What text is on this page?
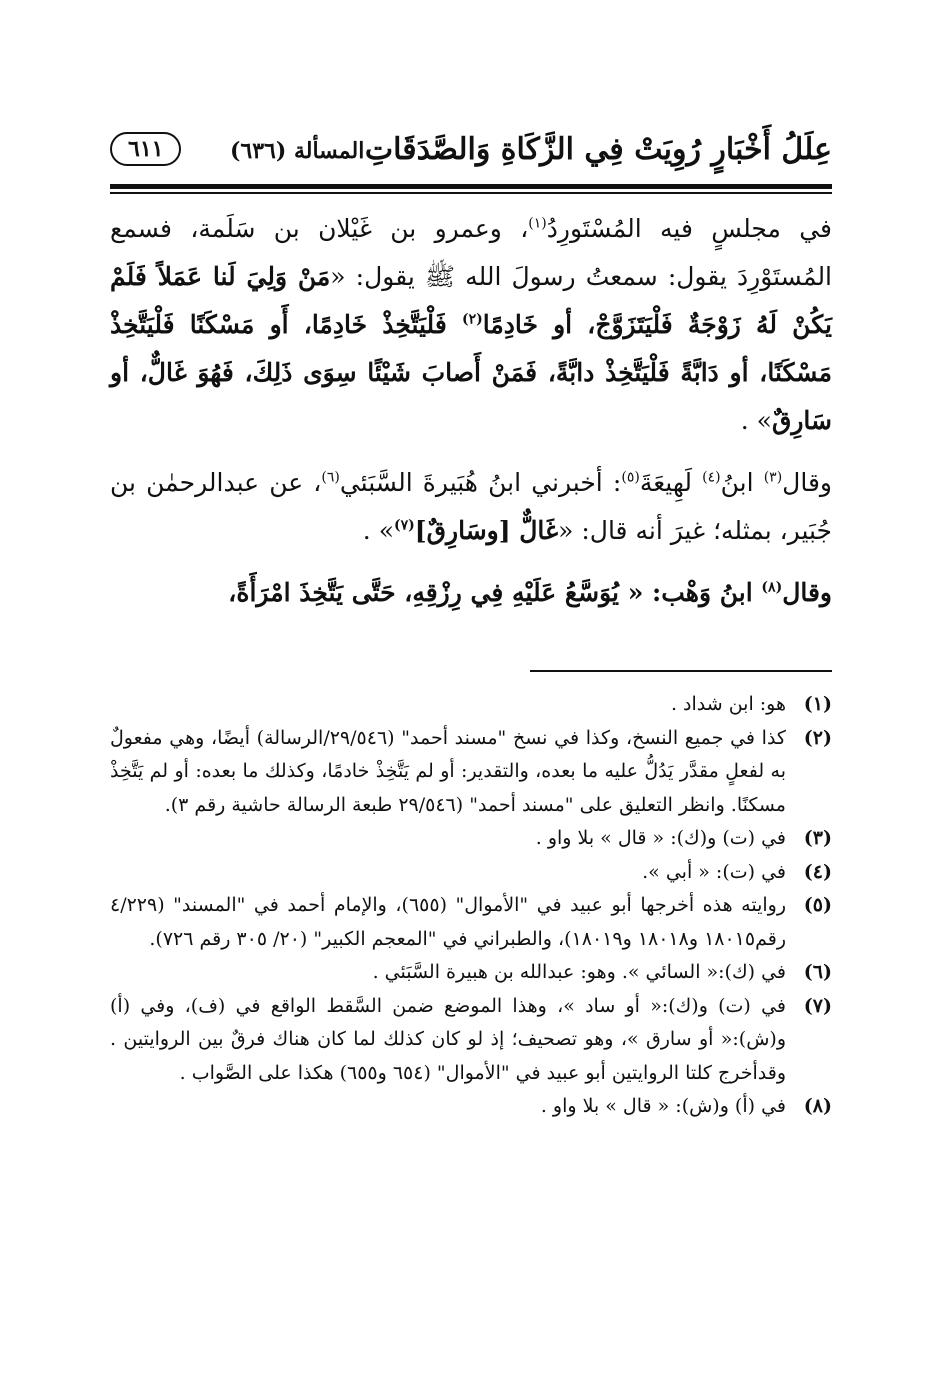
عِلَلُ أَخْبَارٍ رُوِيَتْ فِي الزَّكَاةِ وَالصَّدَقَاتِ
المسألة (٦٣٦)
٦١١

في مجلسٍ فيه المُسْتَورِدُ$^{(١)}$، وعمرو بن غَيْلان بن سَلَمة، فسمع المُستَوْرِدَ يقول: سمعتُ رسولَ الله ﷺ يقول: «مَنْ وَلِيَ لَنا عَمَلاً فَلَمْ يَكُنْ لَهُ زَوْجَةٌ فَلْيَتَزَوَّجْ، أو خَادِمًا$^{(٢)}$ فَلْيَتَّخِذْ خَادِمًا، أَو مَسْكَنًا فَلْيَتَّخِذْ مَسْكَنًا، أو دَابَّةً فَلْيَتَّخِذْ دابَّةً، فَمَنْ أَصابَ شَيْئًا سِوَى ذَلِكَ، فَهُوَ غَالٌّ، أو سَارِقٌ» .

وقال$^{(٣)}$ ابنُ$^{(٤)}$ لَهِيعَةَ$^{(٥)}$: أخبرني ابنُ هُبَيرةَ السَّبَئي$^{(٦)}$، عن عبدالرحمٰن بن جُبَير، بمثله؛ غيرَ أنه قال: «غَالٌّ [وسَارِقٌ]$^{(٧)}$» .

وقال$^{(٨)}$ ابنُ وَهْب: « يُوَسَّعُ عَلَيْهِ فِي رِزْقِهِ، حَتَّى يَتَّخِذَ امْرَأَةً،

(١)
هو: ابن شداد .
(٢)
كذا في جميع النسخ، وكذا في نسخ "مسند أحمد" (٢٩/٥٤٦/الرسالة) أيضًا، وهي مفعولٌ به لفعلٍ مقدَّر يَدُلُّ عليه ما بعده، والتقدير: أو لم يَتَّخِذْ خادمًا، وكذلك ما بعده: أو لم يَتَّخِذْ مسكنًا. وانظر التعليق على "مسند أحمد" (٢٩/٥٤٦ طبعة الرسالة حاشية رقم ٣).
(٣)
في (ت) و(ك): « قال » بلا واو .
(٤)
في (ت): « أبي ».
(٥)
روايته هذه أخرجها أبو عبيد في "الأموال" (٦٥٥)، والإمام أحمد في "المسند" (٤/٢٢٩ رقم١٨٠١٥ و١٨٠١٨ و١٨٠١٩)، والطبراني في "المعجم الكبير" (٢٠/ ٣٠٥ رقم ٧٢٦).
(٦)
في (ك):« السائي ». وهو: عبدالله بن هبيرة السَّبَئي .
(٧)
في (ت) و(ك):« أو ساد »، وهذا الموضع ضمن السَّقط الواقع في (ف)، وفي (أ) و(ش):« أو سارق »، وهو تصحيف؛ إذ لو كان كذلك لما كان هناك فرقٌ بين الروايتين . وقدأخرج كلتا الروايتين أبو عبيد في "الأموال" (٦٥٤ و٦٥٥) هكذا على الصَّواب .
(٨)
في (أ) و(ش): « قال » بلا واو .
